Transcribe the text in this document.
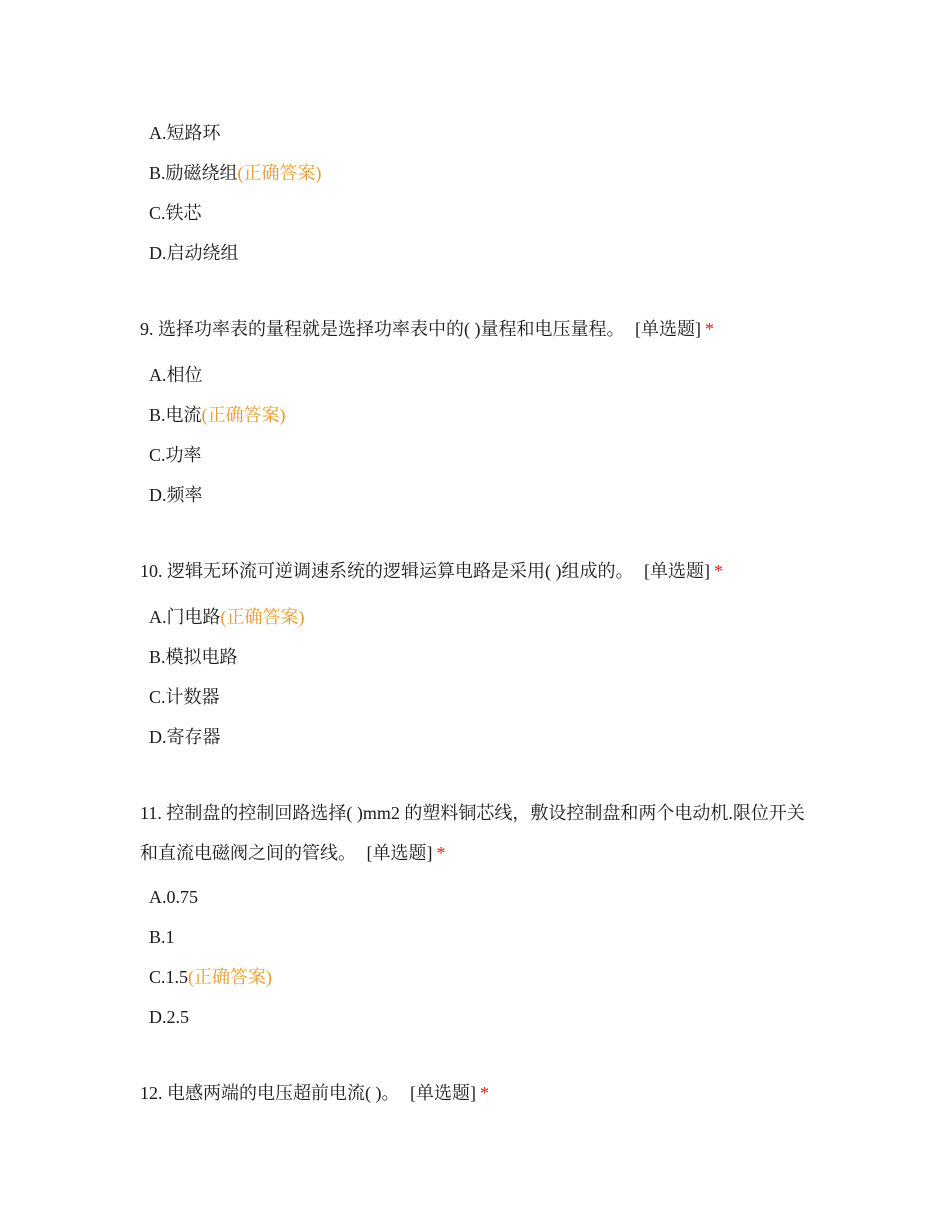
A.短路环
B.励磁绕组(正确答案)
C.铁芯
D.启动绕组
9. 选择功率表的量程就是选择功率表中的( )量程和电压量程。 [单选题] *
A.相位
B.电流(正确答案)
C.功率
D.频率
10. 逻辑无环流可逆调速系统的逻辑运算电路是采用( )组成的。 [单选题] *
A.门电路(正确答案)
B.模拟电路
C.计数器
D.寄存器
11. 控制盘的控制回路选择( )mm2 的塑料铜芯线，敷设控制盘和两个电动机.限位开关和直流电磁阀之间的管线。 [单选题] *
A.0.75
B.1
C.1.5(正确答案)
D.2.5
12. 电感两端的电压超前电流( )。 [单选题] *
